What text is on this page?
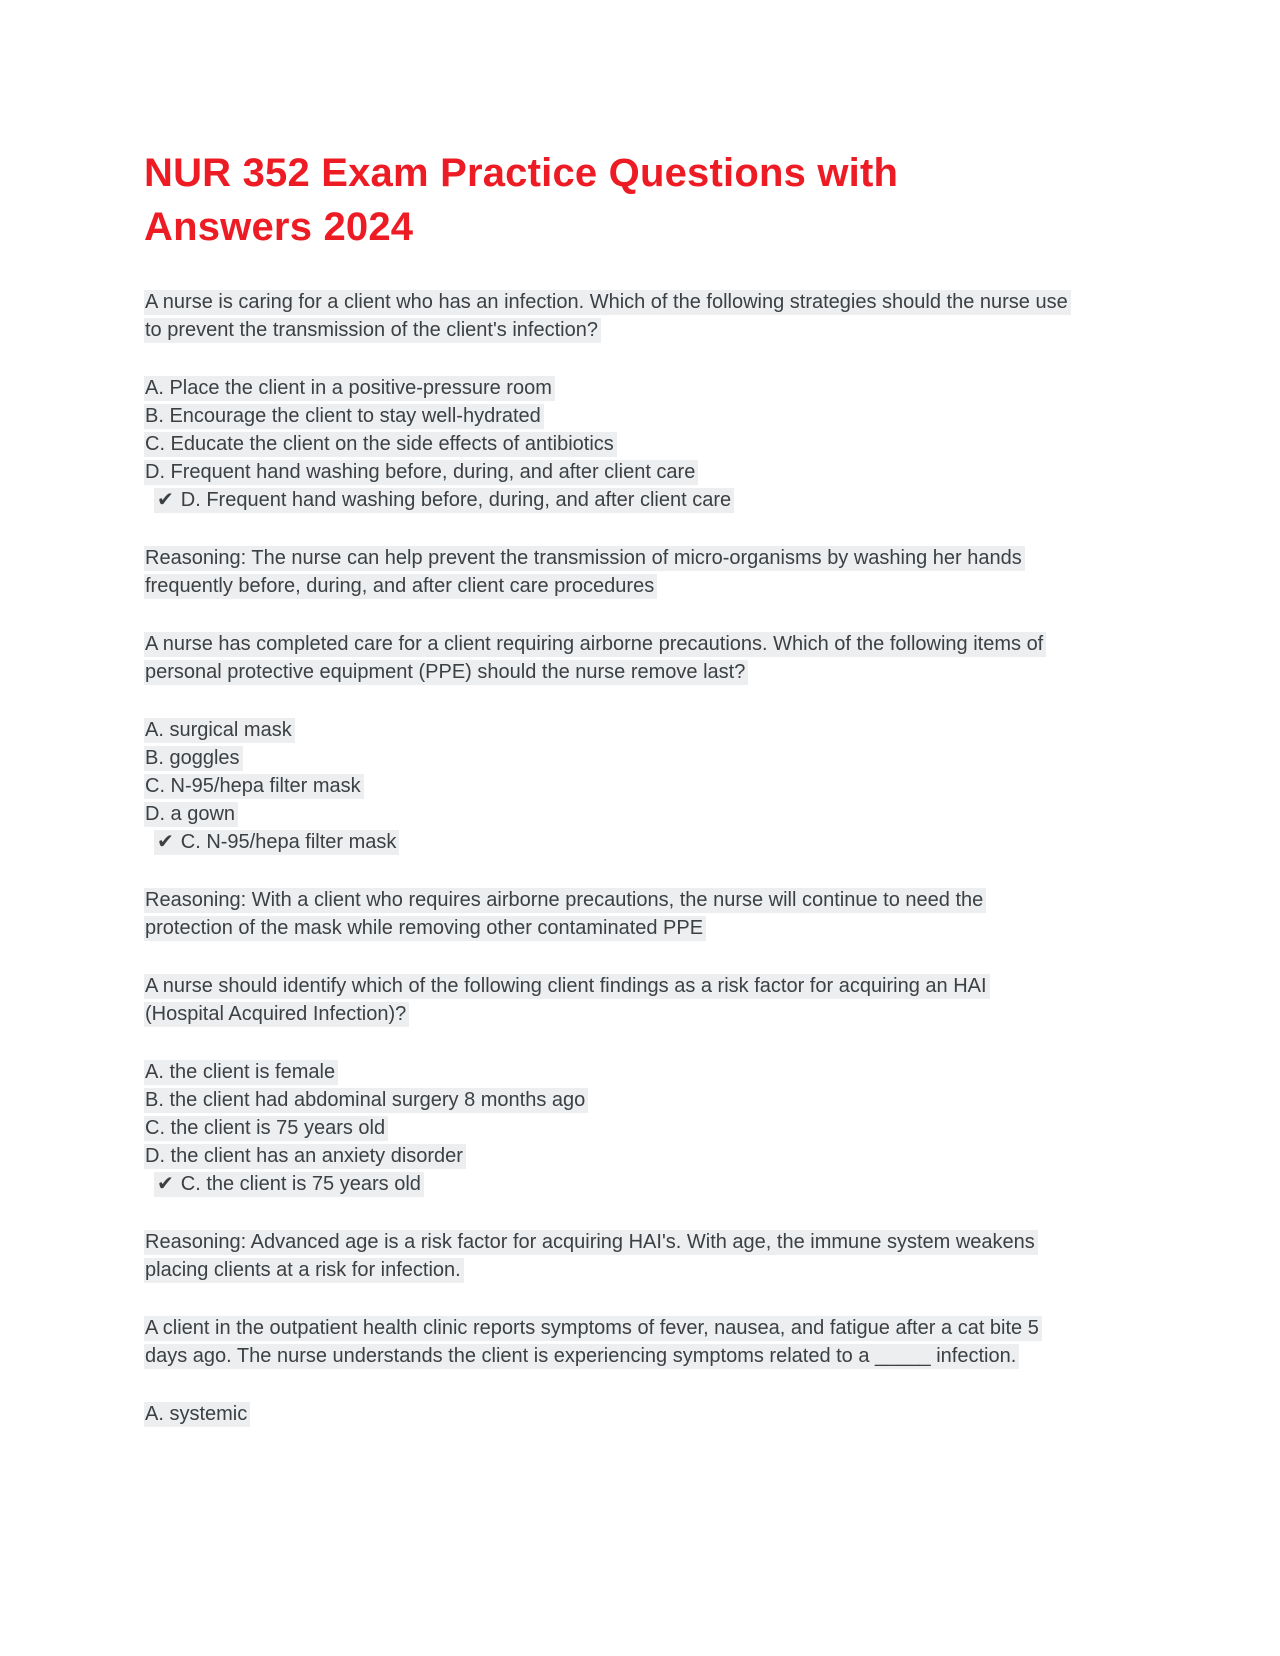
NUR 352 Exam Practice Questions with Answers 2024

A nurse is caring for a client who has an infection. Which of the following strategies should the nurse use to prevent the transmission of the client's infection?

A. Place the client in a positive-pressure room
B. Encourage the client to stay well-hydrated
C. Educate the client on the side effects of antibiotics
D. Frequent hand washing before, during, and after client care
✔ D. Frequent hand washing before, during, and after client care

Reasoning: The nurse can help prevent the transmission of micro-organisms by washing her hands frequently before, during, and after client care procedures

A nurse has completed care for a client requiring airborne precautions. Which of the following items of personal protective equipment (PPE) should the nurse remove last?

A. surgical mask
B. goggles
C. N-95/hepa filter mask
D. a gown
✔ C. N-95/hepa filter mask

Reasoning: With a client who requires airborne precautions, the nurse will continue to need the protection of the mask while removing other contaminated PPE

A nurse should identify which of the following client findings as a risk factor for acquiring an HAI (Hospital Acquired Infection)?

A. the client is female
B. the client had abdominal surgery 8 months ago
C. the client is 75 years old
D. the client has an anxiety disorder
✔ C. the client is 75 years old

Reasoning: Advanced age is a risk factor for acquiring HAI's. With age, the immune system weakens placing clients at a risk for infection.

A client in the outpatient health clinic reports symptoms of fever, nausea, and fatigue after a cat bite 5 days ago. The nurse understands the client is experiencing symptoms related to a _____ infection.

A. systemic
